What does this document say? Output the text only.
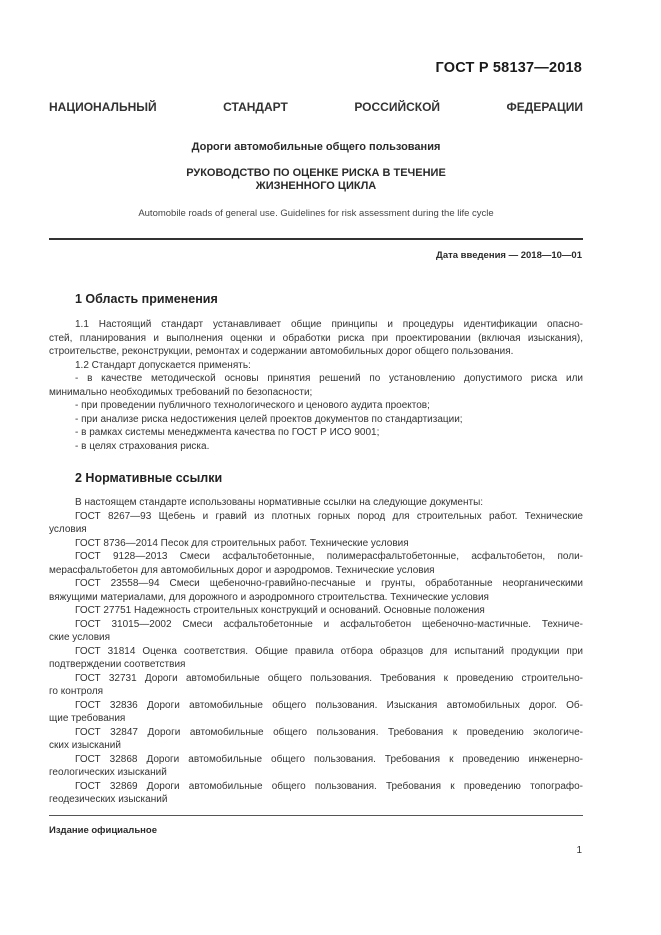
ГОСТ Р 58137—2018
НАЦИОНАЛЬНЫЙ СТАНДАРТ РОССИЙСКОЙ ФЕДЕРАЦИИ
Дороги автомобильные общего пользования
РУКОВОДСТВО ПО ОЦЕНКЕ РИСКА В ТЕЧЕНИЕ
ЖИЗНЕННОГО ЦИКЛА
Automobile roads of general use. Guidelines for risk assessment during the life cycle
Дата введения — 2018—10—01
1 Область применения

1.1 Настоящий стандарт устанавливает общие принципы и процедуры идентификации опасно-

стей, планирования и выполнения оценки и обработки риска при проектировании (включая изыскания),

строительстве, реконструкции, ремонтах и содержании автомобильных дорог общего пользования.

1.2 Стандарт допускается применять:

- в качестве методической основы принятия решений по установлению допустимого риска или

минимально необходимых требований по безопасности;

- при проведении публичного технологического и ценового аудита проектов;

- при анализе риска недостижения целей проектов документов по стандартизации;

- в рамках системы менеджмента качества по ГОСТ Р ИСО 9001;

- в целях страхования риска.

2 Нормативные ссылки

В настоящем стандарте использованы нормативные ссылки на следующие документы:

ГОСТ 8267—93 Щебень и гравий из плотных горных пород для строительных работ. Технические

условия

ГОСТ 8736—2014 Песок для строительных работ. Технические условия

ГОСТ 9128—2013 Смеси асфальтобетонные, полимерасфальтобетонные, асфальтобетон, поли-

мерасфальтобетон для автомобильных дорог и аэродромов. Технические условия

ГОСТ 23558—94 Смеси щебеночно-гравийно-песчаные и грунты, обработанные неорганическими

вяжущими материалами, для дорожного и аэродромного строительства. Технические условия

ГОСТ 27751 Надежность строительных конструкций и оснований. Основные положения

ГОСТ 31015—2002 Смеси асфальтобетонные и асфальтобетон щебеночно-мастичные. Техниче-

ские условия

ГОСТ 31814 Оценка соответствия. Общие правила отбора образцов для испытаний продукции при

подтверждении соответствия

ГОСТ 32731 Дороги автомобильные общего пользования. Требования к проведению строительно-

го контроля

ГОСТ 32836 Дороги автомобильные общего пользования. Изыскания автомобильных дорог. Об-

щие требования

ГОСТ 32847 Дороги автомобильные общего пользования. Требования к проведению экологиче-

ских изысканий

ГОСТ 32868 Дороги автомобильные общего пользования. Требования к проведению инженерно-

геологических изысканий

ГОСТ 32869 Дороги автомобильные общего пользования. Требования к проведению топографо-

геодезических изысканий

Издание официальное
1
